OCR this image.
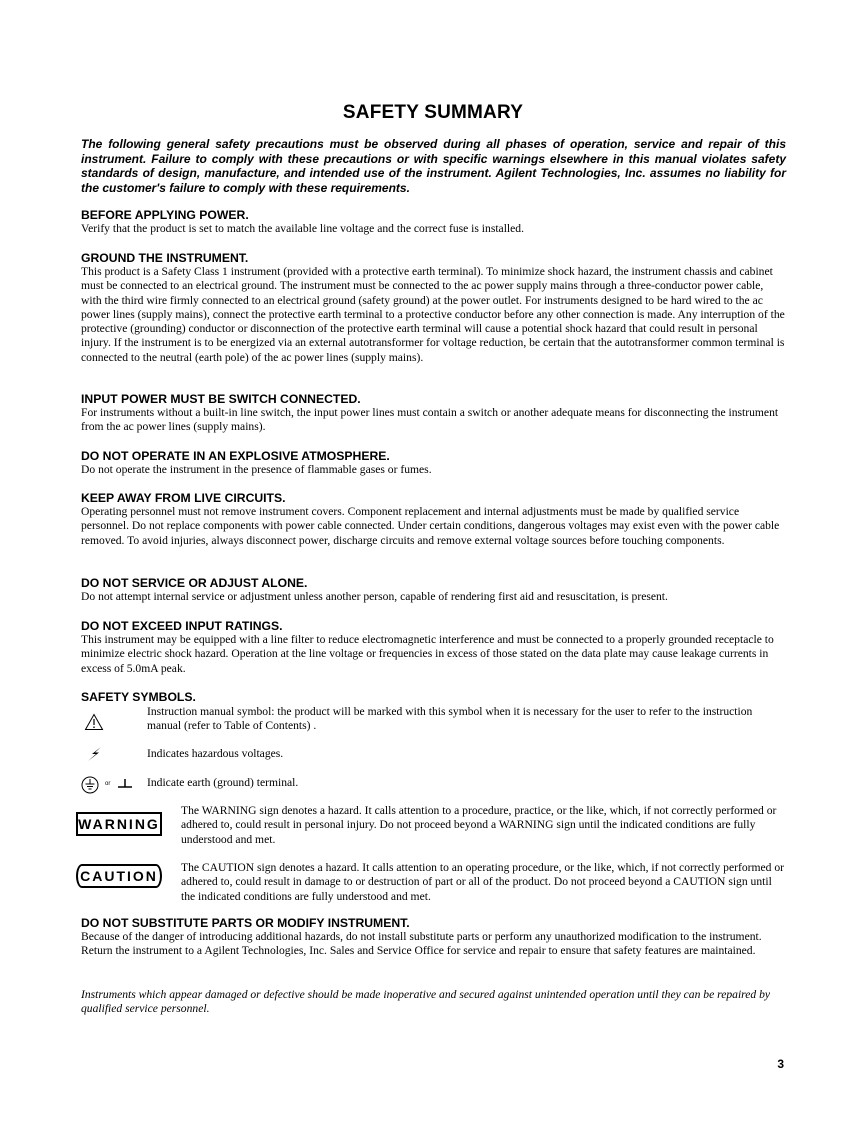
SAFETY SUMMARY
The following general safety precautions must be observed during all phases of operation, service and repair of this instrument. Failure to comply with these precautions or with specific warnings elsewhere in this manual violates safety standards of design, manufacture, and intended use of the instrument. Agilent Technologies, Inc. assumes no liability for the customer's failure to comply with these requirements.

BEFORE APPLYING POWER.

Verify that the product is set to match the available line voltage and the correct fuse is installed.

GROUND THE INSTRUMENT.

This product is a Safety Class 1 instrument (provided with a protective earth terminal). To minimize shock hazard, the instrument chassis and cabinet must be connected to an electrical ground. The instrument must be connected to the ac power supply mains through a three-conductor power cable, with the third wire firmly connected to an electrical ground (safety ground) at the power outlet. For instruments designed to be hard wired to the ac power lines (supply mains), connect the protective earth terminal to a protective conductor before any other connection is made. Any interruption of the protective (grounding) conductor or disconnection of the protective earth terminal will cause a potential shock hazard that could result in personal injury. If the instrument is to be energized via an external autotransformer for voltage reduction, be certain that the autotransformer common terminal is connected to the neutral (earth pole) of the ac power lines (supply mains).

INPUT POWER MUST BE SWITCH CONNECTED.

For instruments without a built-in line switch, the input power lines must contain a switch or another adequate means for disconnecting the instrument from the ac power lines (supply mains).

DO NOT OPERATE IN AN EXPLOSIVE ATMOSPHERE.

Do not operate the instrument in the presence of flammable gases or fumes.

KEEP AWAY FROM LIVE CIRCUITS.

Operating personnel must not remove instrument covers. Component replacement and internal adjustments must be made by qualified service personnel. Do not replace components with power cable connected. Under certain conditions, dangerous voltages may exist even with the power cable removed. To avoid injuries, always disconnect power, discharge circuits and remove external voltage sources before touching components.

DO NOT SERVICE OR ADJUST ALONE.

Do not attempt internal service or adjustment unless another person, capable of rendering first aid and resuscitation, is present.

DO NOT EXCEED INPUT RATINGS.

This instrument may be equipped with a line filter to reduce electromagnetic interference and must be connected to a properly grounded receptacle to minimize electric shock hazard. Operation at the line voltage or frequencies in excess of those stated on the data plate may cause leakage currents in excess of 5.0mA peak.

SAFETY SYMBOLS.

Instruction manual symbol: the product will be marked with this symbol when it is necessary for the user to refer to the instruction manual (refer to Table of Contents) .
Indicates hazardous voltages.
or	Indicate earth (ground) terminal.
WARNING
The WARNING sign denotes a hazard. It calls attention to a procedure, practice, or the like, which, if not correctly performed or adhered to, could result in personal injury. Do not proceed beyond a WARNING sign until the indicated conditions are fully understood and met.
CAUTION
The CAUTION sign denotes a hazard. It calls attention to an operating procedure, or the like, which, if not correctly performed or adhered to, could result in damage to or destruction of part or all of the product. Do not proceed beyond a CAUTION sign until the indicated conditions are fully understood and met.

DO NOT SUBSTITUTE PARTS OR MODIFY INSTRUMENT.

Because of the danger of introducing additional hazards, do not install substitute parts or perform any unauthorized modification to the instrument. Return the instrument to a Agilent Technologies, Inc. Sales and Service Office for service and repair to ensure that safety features are maintained.

Instruments which appear damaged or defective should be made inoperative and secured against unintended operation until they can be repaired by qualified service personnel.
3
